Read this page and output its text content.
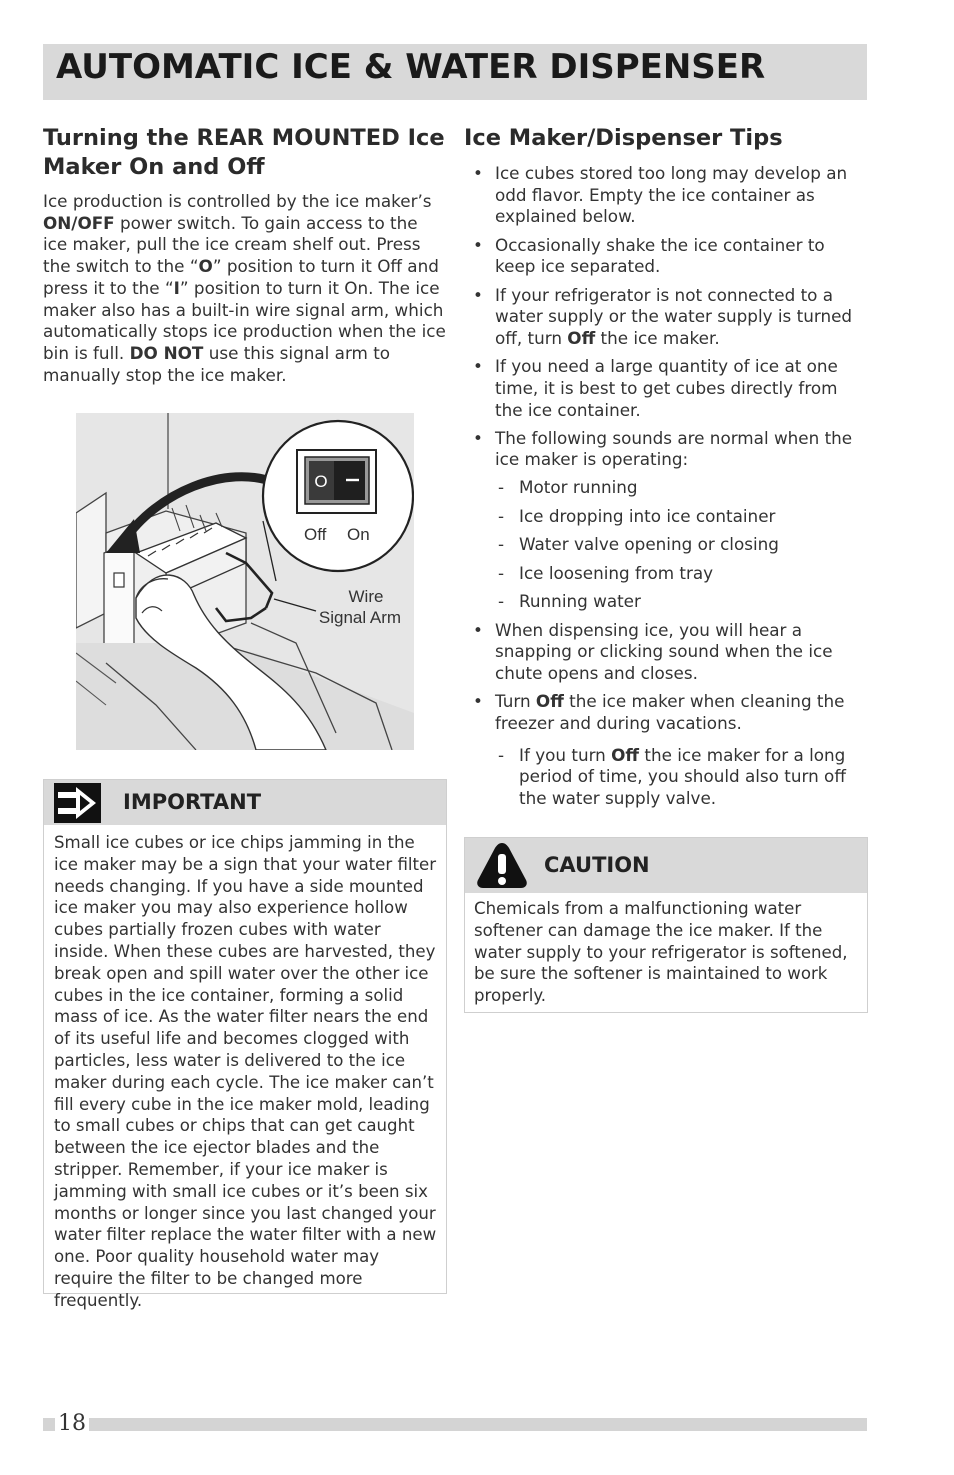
AUTOMATIC ICE & WATER DISPENSER
Turning the REAR MOUNTED Ice Maker On and Off

Ice production is controlled by the ice maker’s ON/OFF power switch. To gain access to the ice maker, pull the ice cream shelf out. Press the switch to the “O” position to turn it Off and press it to the “I” position to turn it On. The ice maker also has a built-in wire signal arm, which automatically stops ice production when the ice bin is full. DO NOT use this signal arm to manually stop the ice maker.

O
Off On
Wire
Signal Arm
IMPORTANT
Small ice cubes or ice chips jamming in the ice maker may be a sign that your water filter needs changing. If you have a side mounted ice maker you may also experience hollow cubes partially frozen cubes with water inside. When these cubes are harvested, they break open and spill water over the other ice cubes in the ice container, forming a solid mass of ice. As the water filter nears the end of its useful life and becomes clogged with particles, less water is delivered to the ice maker during each cycle. The ice maker can’t fill every cube in the ice maker mold, leading to small cubes or chips that can get caught between the ice ejector blades and the stripper. Remember, if your ice maker is jamming with small ice cubes or it’s been six months or longer since you last changed your water filter replace the water filter with a new one. Poor quality household water may require the filter to be changed more frequently.
Ice Maker/Dispenser Tips
• Ice cubes stored too long may develop an odd flavor. Empty the ice container as explained below.
• Occasionally shake the ice container to keep ice separated.
• If your refrigerator is not connected to a water supply or the water supply is turned off, turn Off the ice maker.
• If you need a large quantity of ice at one time, it is best to get cubes directly from the ice container.
• The following sounds are normal when the ice maker is operating:
- Motor running
- Ice dropping into ice container
- Water valve opening or closing
- Ice loosening from tray
- Running water
• When dispensing ice, you will hear a snapping or clicking sound when the ice chute opens and closes.
• Turn Off the ice maker when cleaning the freezer and during vacations.
- If you turn Off the ice maker for a long period of time, you should also turn off the water supply valve.
CAUTION
Chemicals from a malfunctioning water softener can damage the ice maker. If the water supply to your refrigerator is softened, be sure the softener is maintained to work properly.
18
